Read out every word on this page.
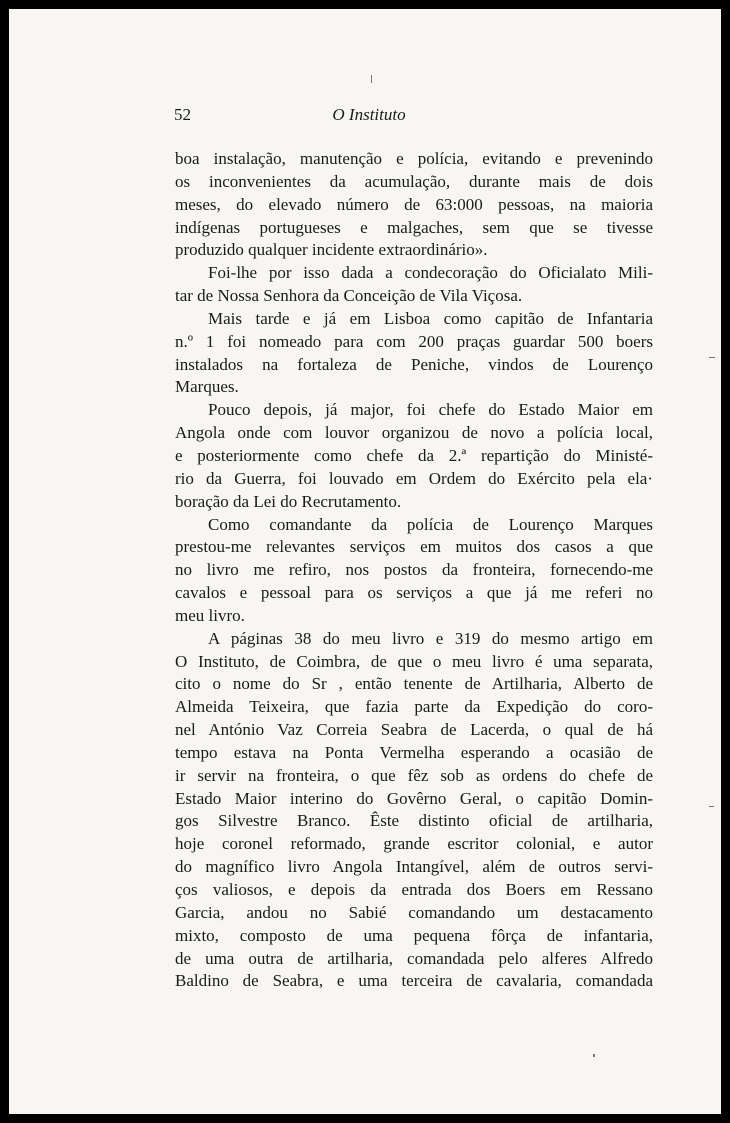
52	O Instituto
boa instalação, manutenção e polícia, evitando e prevenindo
os inconvenientes da acumulação, durante mais de dois
meses, do elevado número de 63:000 pessoas, na maioria
indígenas portugueses e malgaches, sem que se tivesse
produzido qualquer incidente extraordinário».
Foi-lhe por isso dada a condecoração do Oficialato Mili-
tar de Nossa Senhora da Conceição de Vila Viçosa.
Mais tarde e já em Lisboa como capitão de Infantaria
n.º 1 foi nomeado para com 200 praças guardar 500 boers
instalados na fortaleza de Peniche, vindos de Lourenço
Marques.
Pouco depois, já major, foi chefe do Estado Maior em
Angola onde com louvor organizou de novo a polícia local,
e posteriormente como chefe da 2.ª repartição do Ministé-
rio da Guerra, foi louvado em Ordem do Exército pela ela·
boração da Lei do Recrutamento.
Como comandante da polícia de Lourenço Marques
prestou-me relevantes serviços em muitos dos casos a que
no livro me refiro, nos postos da fronteira, fornecendo-me
cavalos e pessoal para os serviços a que já me referi no
meu livro.
A páginas 38 do meu livro e 319 do mesmo artigo em
O Instituto, de Coimbra, de que o meu livro é uma separata,
cito o nome do Sr , então tenente de Artilharia, Alberto de
Almeida Teixeira, que fazia parte da Expedição do coro-
nel António Vaz Correia Seabra de Lacerda, o qual de há
tempo estava na Ponta Vermelha esperando a ocasião de
ir servir na fronteira, o que fêz sob as ordens do chefe de
Estado Maior interino do Govêrno Geral, o capitão Domin-
gos Silvestre Branco. Êste distinto oficial de artilharia,
hoje coronel reformado, grande escritor colonial, e autor
do magnífico livro Angola Intangível, além de outros servi-
ços valiosos, e depois da entrada dos Boers em Ressano
Garcia, andou no Sabié comandando um destacamento
mixto, composto de uma pequena fôrça de infantaria,
de uma outra de artilharia, comandada pelo alferes Alfredo
Baldino de Seabra, e uma terceira de cavalaria, comandada
